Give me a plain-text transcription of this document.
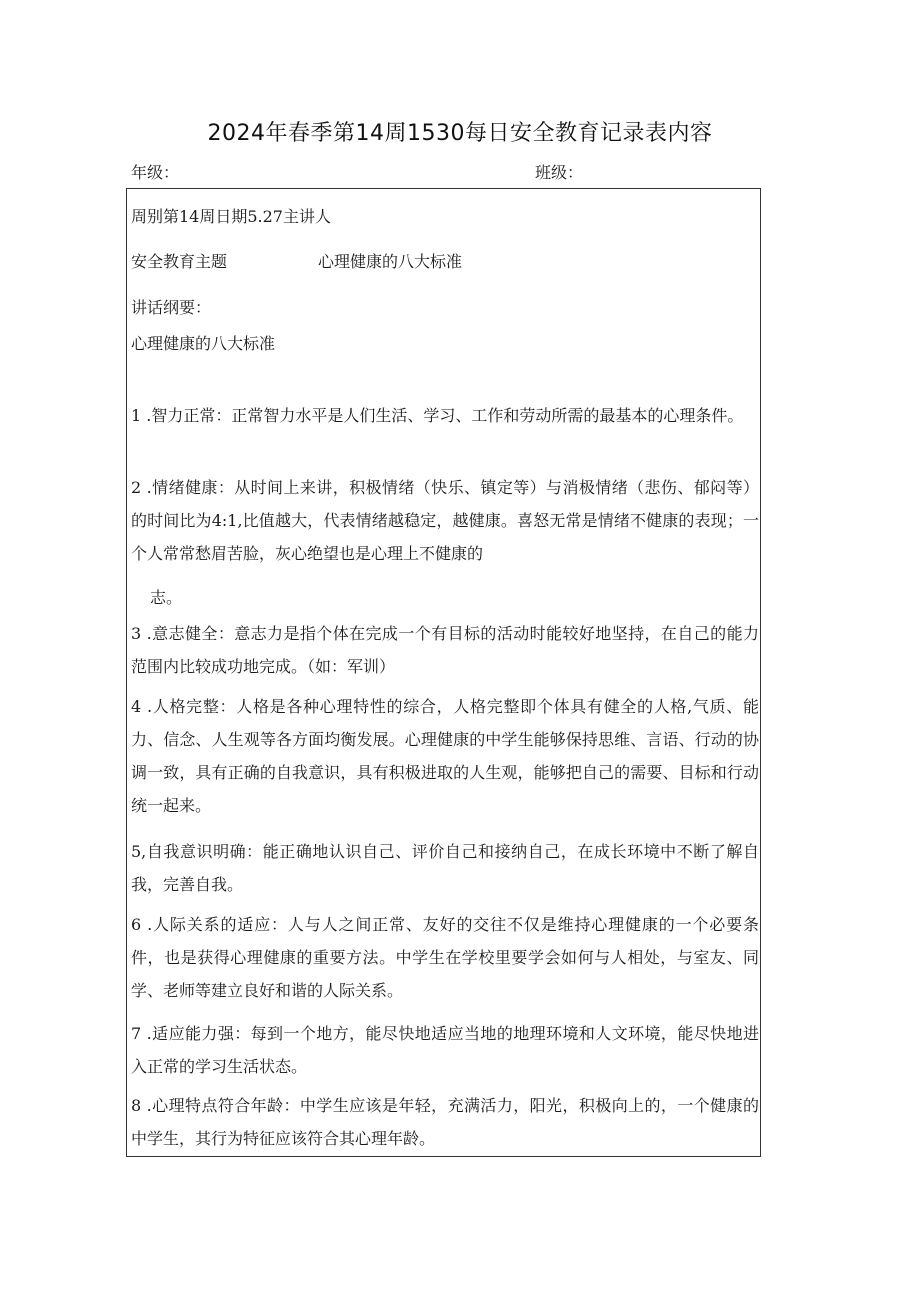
2024年春季第14周1530每日安全教育记录表内容
年级：	班级：
周别第14周日期5.27主讲人
安全教育主题	心理健康的八大标准
讲话纲要：
心理健康的八大标准
1 .智力正常：正常智力水平是人们生活、学习、工作和劳动所需的最基本的心理条件。
2 .情绪健康：从时间上来讲，积极情绪（快乐、镇定等）与消极情绪（悲伤、郁闷等）的时间比为4:1,比值越大，代表情绪越稳定，越健康。喜怒无常是情绪不健康的表现；一个人常常愁眉苦脸，灰心绝望也是心理上不健康的
志。
3 .意志健全：意志力是指个体在完成一个有目标的活动时能较好地坚持，在自己的能力范围内比较成功地完成。（如：军训）
4 .人格完整：人格是各种心理特性的综合，人格完整即个体具有健全的人格,气质、能力、信念、人生观等各方面均衡发展。心理健康的中学生能够保持思维、言语、行动的协调一致，具有正确的自我意识，具有积极进取的人生观，能够把自己的需要、目标和行动统一起来。
5,自我意识明确：能正确地认识自己、评价自己和接纳自己，在成长环境中不断了解自我，完善自我。
6 .人际关系的适应：人与人之间正常、友好的交往不仅是维持心理健康的一个必要条件，也是获得心理健康的重要方法。中学生在学校里要学会如何与人相处，与室友、同学、老师等建立良好和谐的人际关系。
7 .适应能力强：每到一个地方，能尽快地适应当地的地理环境和人文环境，能尽快地进入正常的学习生活状态。
8 .心理特点符合年龄：中学生应该是年轻，充满活力，阳光，积极向上的，一个健康的中学生，其行为特征应该符合其心理年龄。
